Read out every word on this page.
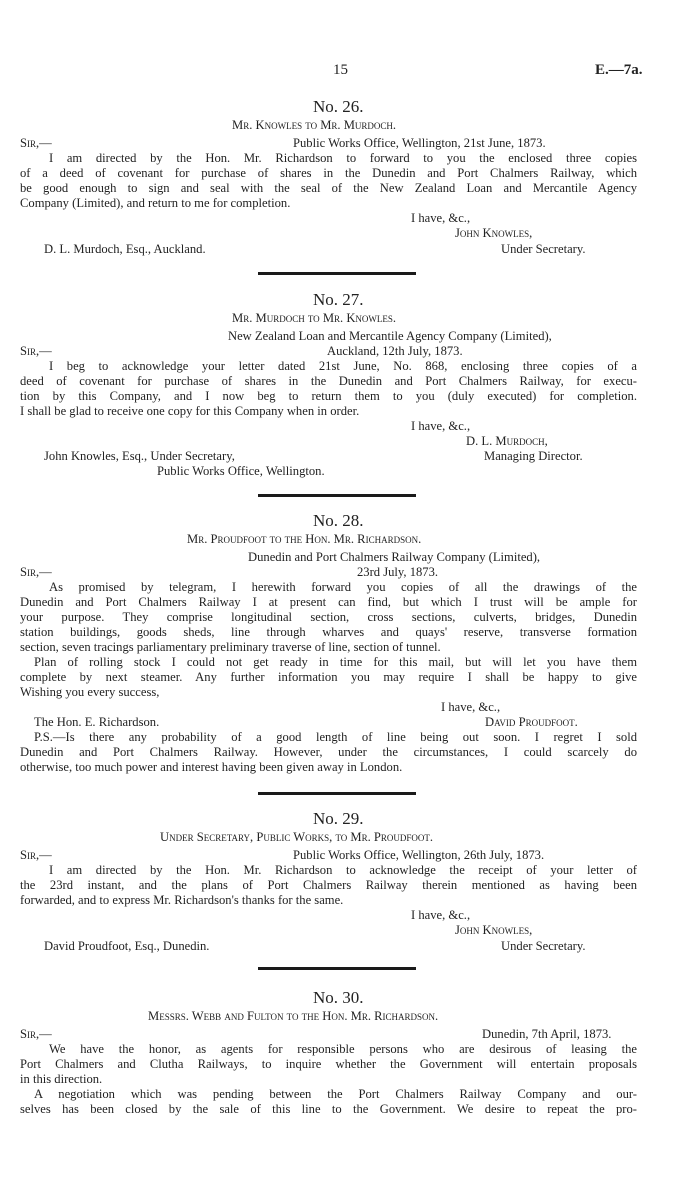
15	E.—7a.
No. 26.
Mr. Knowles to Mr. Murdoch.
Sir,—	Public Works Office, Wellington, 21st June, 1873.
I am directed by the Hon. Mr. Richardson to forward to you the enclosed three copies
of a deed of covenant for purchase of shares in the Dunedin and Port Chalmers Railway, which
be good enough to sign and seal with the seal of the New Zealand Loan and Mercantile Agency
Company (Limited), and return to me for completion.
I have, &c.,
John Knowles,
D. L. Murdoch, Esq., Auckland.	Under Secretary.
No. 27.
Mr. Murdoch to Mr. Knowles.
New Zealand Loan and Mercantile Agency Company (Limited),
Sir,—	Auckland, 12th July, 1873.
I beg to acknowledge your letter dated 21st June, No. 868, enclosing three copies of a
deed of covenant for purchase of shares in the Dunedin and Port Chalmers Railway, for execu-
tion by this Company, and I now beg to return them to you (duly executed) for completion.
I shall be glad to receive one copy for this Company when in order.
I have, &c.,
D. L. Murdoch,
John Knowles, Esq., Under Secretary,	Managing Director.
Public Works Office, Wellington.
No. 28.
Mr. Proudfoot to the Hon. Mr. Richardson.
Dunedin and Port Chalmers Railway Company (Limited),
Sir,—	23rd July, 1873.
As promised by telegram, I herewith forward you copies of all the drawings of the
Dunedin and Port Chalmers Railway I at present can find, but which I trust will be ample for
your purpose. They comprise longitudinal section, cross sections, culverts, bridges, Dunedin
station buildings, goods sheds, line through wharves and quays' reserve, transverse formation
section, seven tracings parliamentary preliminary traverse of line, section of tunnel.
Plan of rolling stock I could not get ready in time for this mail, but will let you have them
complete by next steamer. Any further information you may require I shall be happy to give
Wishing you every success,
I have, &c.,
The Hon. E. Richardson.	David Proudfoot.
P.S.—Is there any probability of a good length of line being out soon. I regret I sold
Dunedin and Port Chalmers Railway. However, under the circumstances, I could scarcely do
otherwise, too much power and interest having been given away in London.
No. 29.
Under Secretary, Public Works, to Mr. Proudfoot.
Sir,—	Public Works Office, Wellington, 26th July, 1873.
I am directed by the Hon. Mr. Richardson to acknowledge the receipt of your letter of
the 23rd instant, and the plans of Port Chalmers Railway therein mentioned as having been
forwarded, and to express Mr. Richardson's thanks for the same.
I have, &c.,
John Knowles,
David Proudfoot, Esq., Dunedin.	Under Secretary.
No. 30.
Messrs. Webb and Fulton to the Hon. Mr. Richardson.
Sir,—	Dunedin, 7th April, 1873.
We have the honor, as agents for responsible persons who are desirous of leasing the
Port Chalmers and Clutha Railways, to inquire whether the Government will entertain proposals
in this direction.
A negotiation which was pending between the Port Chalmers Railway Company and our-
selves has been closed by the sale of this line to the Government. We desire to repeat the pro-
